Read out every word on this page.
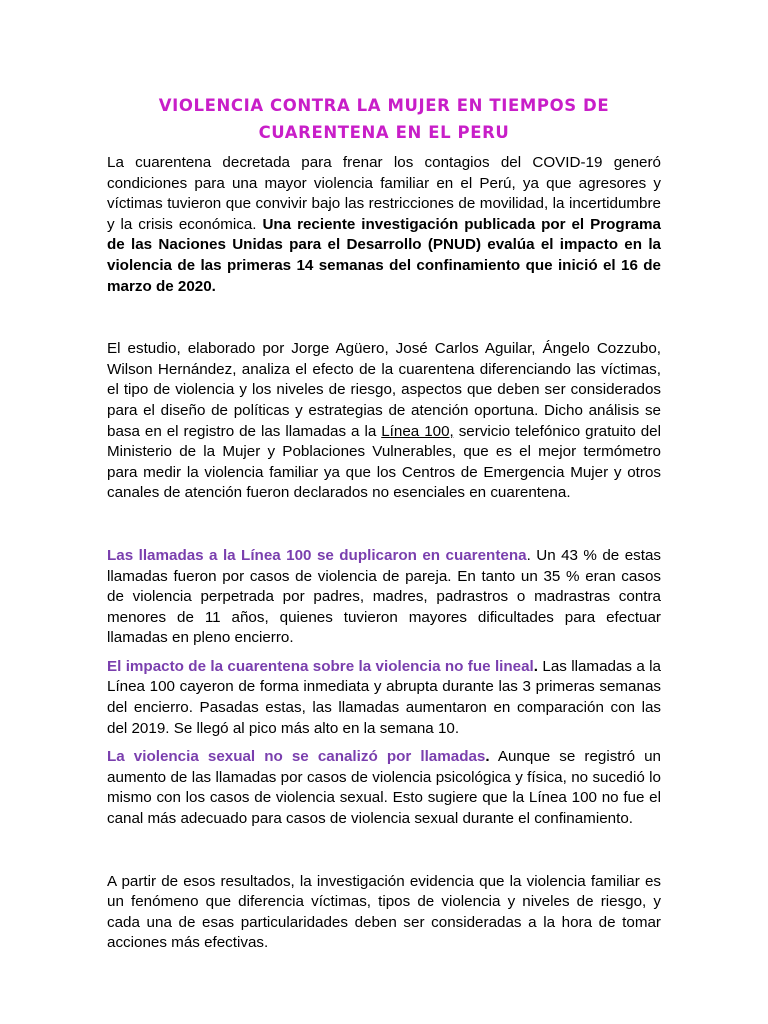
VIOLENCIA CONTRA LA MUJER EN TIEMPOS DE
CUARENTENA EN EL PERU

La cuarentena decretada para frenar los contagios del COVID-19 generó condiciones para una mayor violencia familiar en el Perú, ya que agresores y víctimas tuvieron que convivir bajo las restricciones de movilidad, la incertidumbre y la crisis económica. Una reciente investigación publicada por el Programa de las Naciones Unidas para el Desarrollo (PNUD) evalúa el impacto en la violencia de las primeras 14 semanas del confinamiento que inició el 16 de marzo de 2020.

El estudio, elaborado por Jorge Agüero, José Carlos Aguilar, Ángelo Cozzubo, Wilson Hernández, analiza el efecto de la cuarentena diferenciando las víctimas, el tipo de violencia y los niveles de riesgo, aspectos que deben ser considerados para el diseño de políticas y estrategias de atención oportuna. Dicho análisis se basa en el registro de las llamadas a la Línea 100, servicio telefónico gratuito del Ministerio de la Mujer y Poblaciones Vulnerables, que es el mejor termómetro para medir la violencia familiar ya que los Centros de Emergencia Mujer y otros canales de atención fueron declarados no esenciales en cuarentena.

Las llamadas a la Línea 100 se duplicaron en cuarentena. Un 43 % de estas llamadas fueron por casos de violencia de pareja. En tanto un 35 % eran casos de violencia perpetrada por padres, madres, padrastros o madrastras contra menores de 11 años, quienes tuvieron mayores dificultades para efectuar llamadas en pleno encierro.

El impacto de la cuarentena sobre la violencia no fue lineal. Las llamadas a la Línea 100 cayeron de forma inmediata y abrupta durante las 3 primeras semanas del encierro. Pasadas estas, las llamadas aumentaron en comparación con las del 2019. Se llegó al pico más alto en la semana 10.

La violencia sexual no se canalizó por llamadas. Aunque se registró un aumento de las llamadas por casos de violencia psicológica y física, no sucedió lo mismo con los casos de violencia sexual. Esto sugiere que la Línea 100 no fue el canal más adecuado para casos de violencia sexual durante el confinamiento.

A partir de esos resultados, la investigación evidencia que la violencia familiar es un fenómeno que diferencia víctimas, tipos de violencia y niveles de riesgo, y cada una de esas particularidades deben ser consideradas a la hora de tomar acciones más efectivas.
